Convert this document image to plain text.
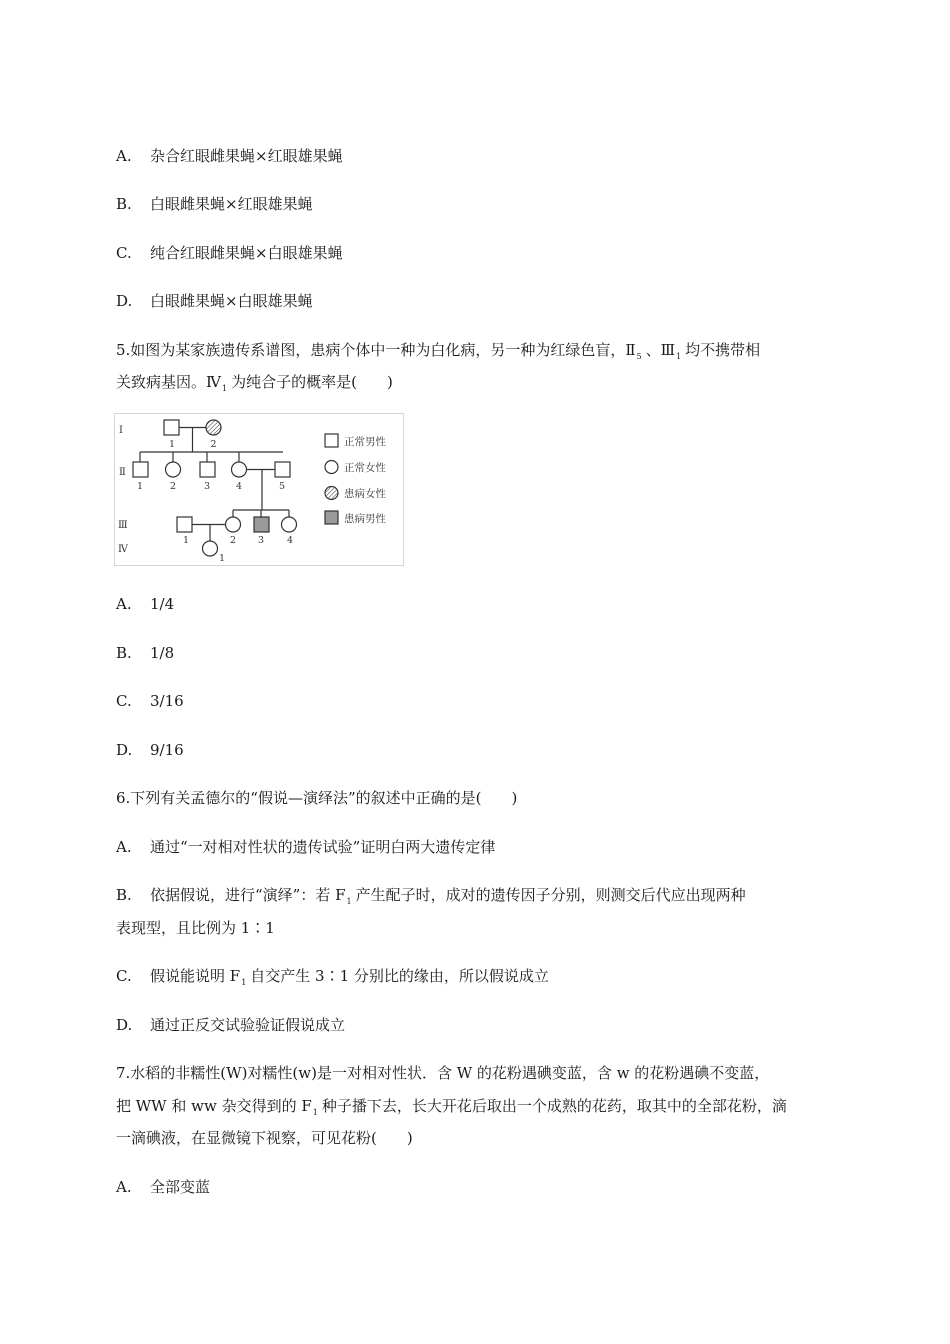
A. 杂合红眼雌果蝇×红眼雄果蝇
B. 白眼雌果蝇×红眼雄果蝇
C. 纯合红眼雌果蝇×白眼雄果蝇
D. 白眼雌果蝇×白眼雄果蝇
5.如图为某家族遗传系谱图，患病个体中一种为白化病，另一种为红绿色盲，$Ⅱ_5$ 、$Ⅲ_1$ 均不携带相
关致病基因。$Ⅳ_1$ 为纯合子的概率是(　　)
Ⅰ
Ⅱ
Ⅲ
Ⅳ
1	2
1	2	3	4	5
1	2 3 4
1
正常男性
正常女性
患病女性
患病男性
A. 1/4
B. 1/8
C. 3/16
D. 9/16
6.下列有关孟德尔的“假说—演绎法”的叙述中正确的是(　　)
A. 通过“一对相对性状的遗传试验”证明白两大遗传定律
B. 依据假说，进行“演绎”：若 $F_1$ 产生配子时，成对的遗传因子分别，则测交后代应出现两种
表现型，且比例为 1∶1
C. 假说能说明 $F_1$ 自交产生 3∶1 分别比的缘由，所以假说成立
D. 通过正反交试验验证假说成立
7.水稻的非糯性(W)对糯性(w)是一对相对性状．含 W 的花粉遇碘变蓝，含 w 的花粉遇碘不变蓝，
把 WW 和 ww 杂交得到的 $F_1$ 种子播下去，长大开花后取出一个成熟的花药，取其中的全部花粉，滴
一滴碘液，在显微镜下视察，可见花粉(　　)
A. 全部变蓝
